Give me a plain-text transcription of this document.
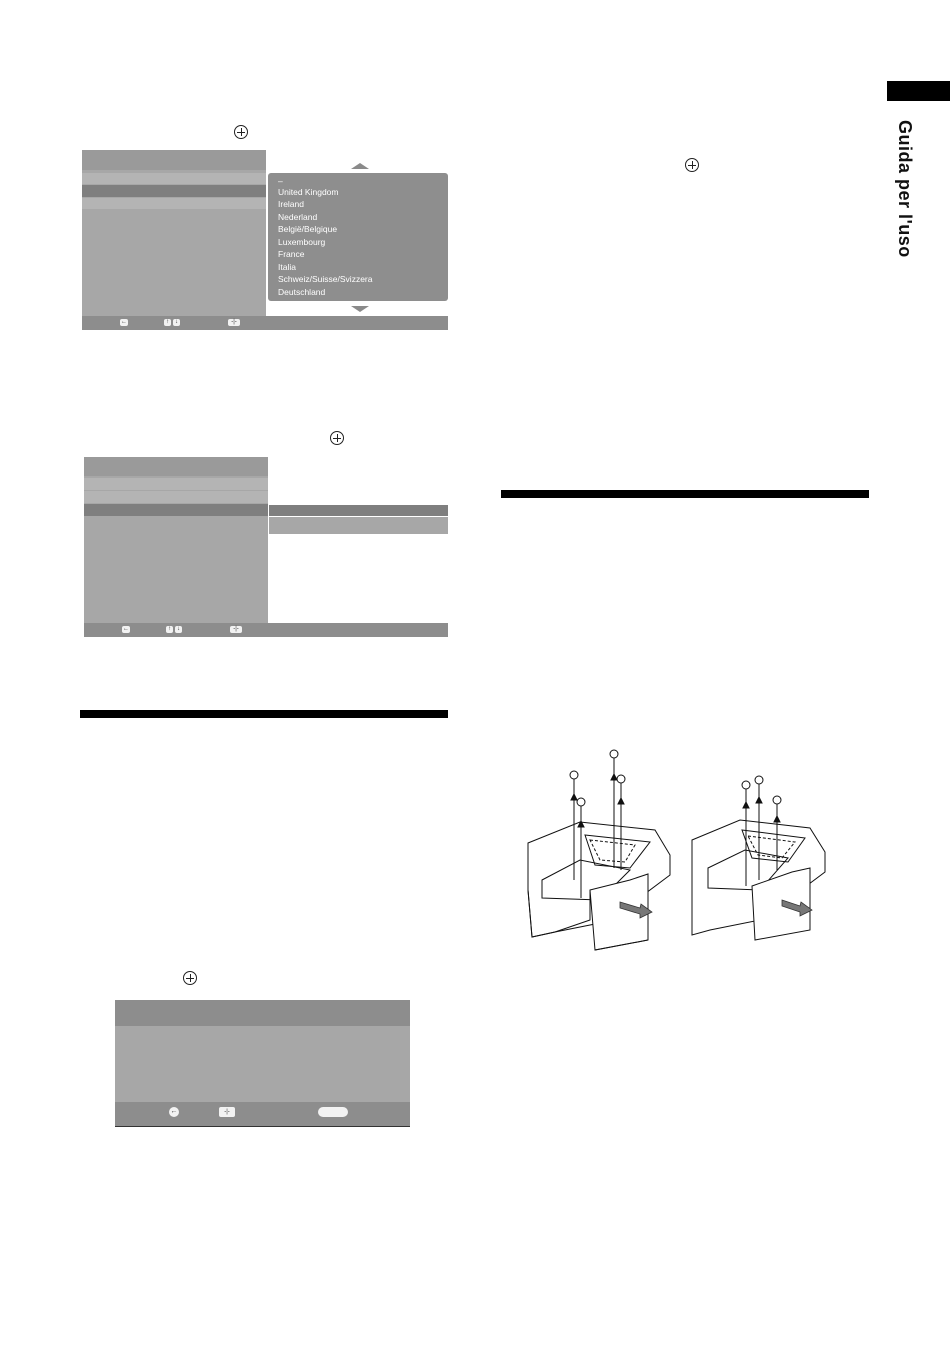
Guida per l'uso
–
United Kingdom
Ireland
Nederland
België/Belgique
Luxembourg
France
Italia
Schweiz/Suisse/Svizzera
Deutschland
←	↑	↓	-|-
←	↑	↓	-|-
←	-|-
